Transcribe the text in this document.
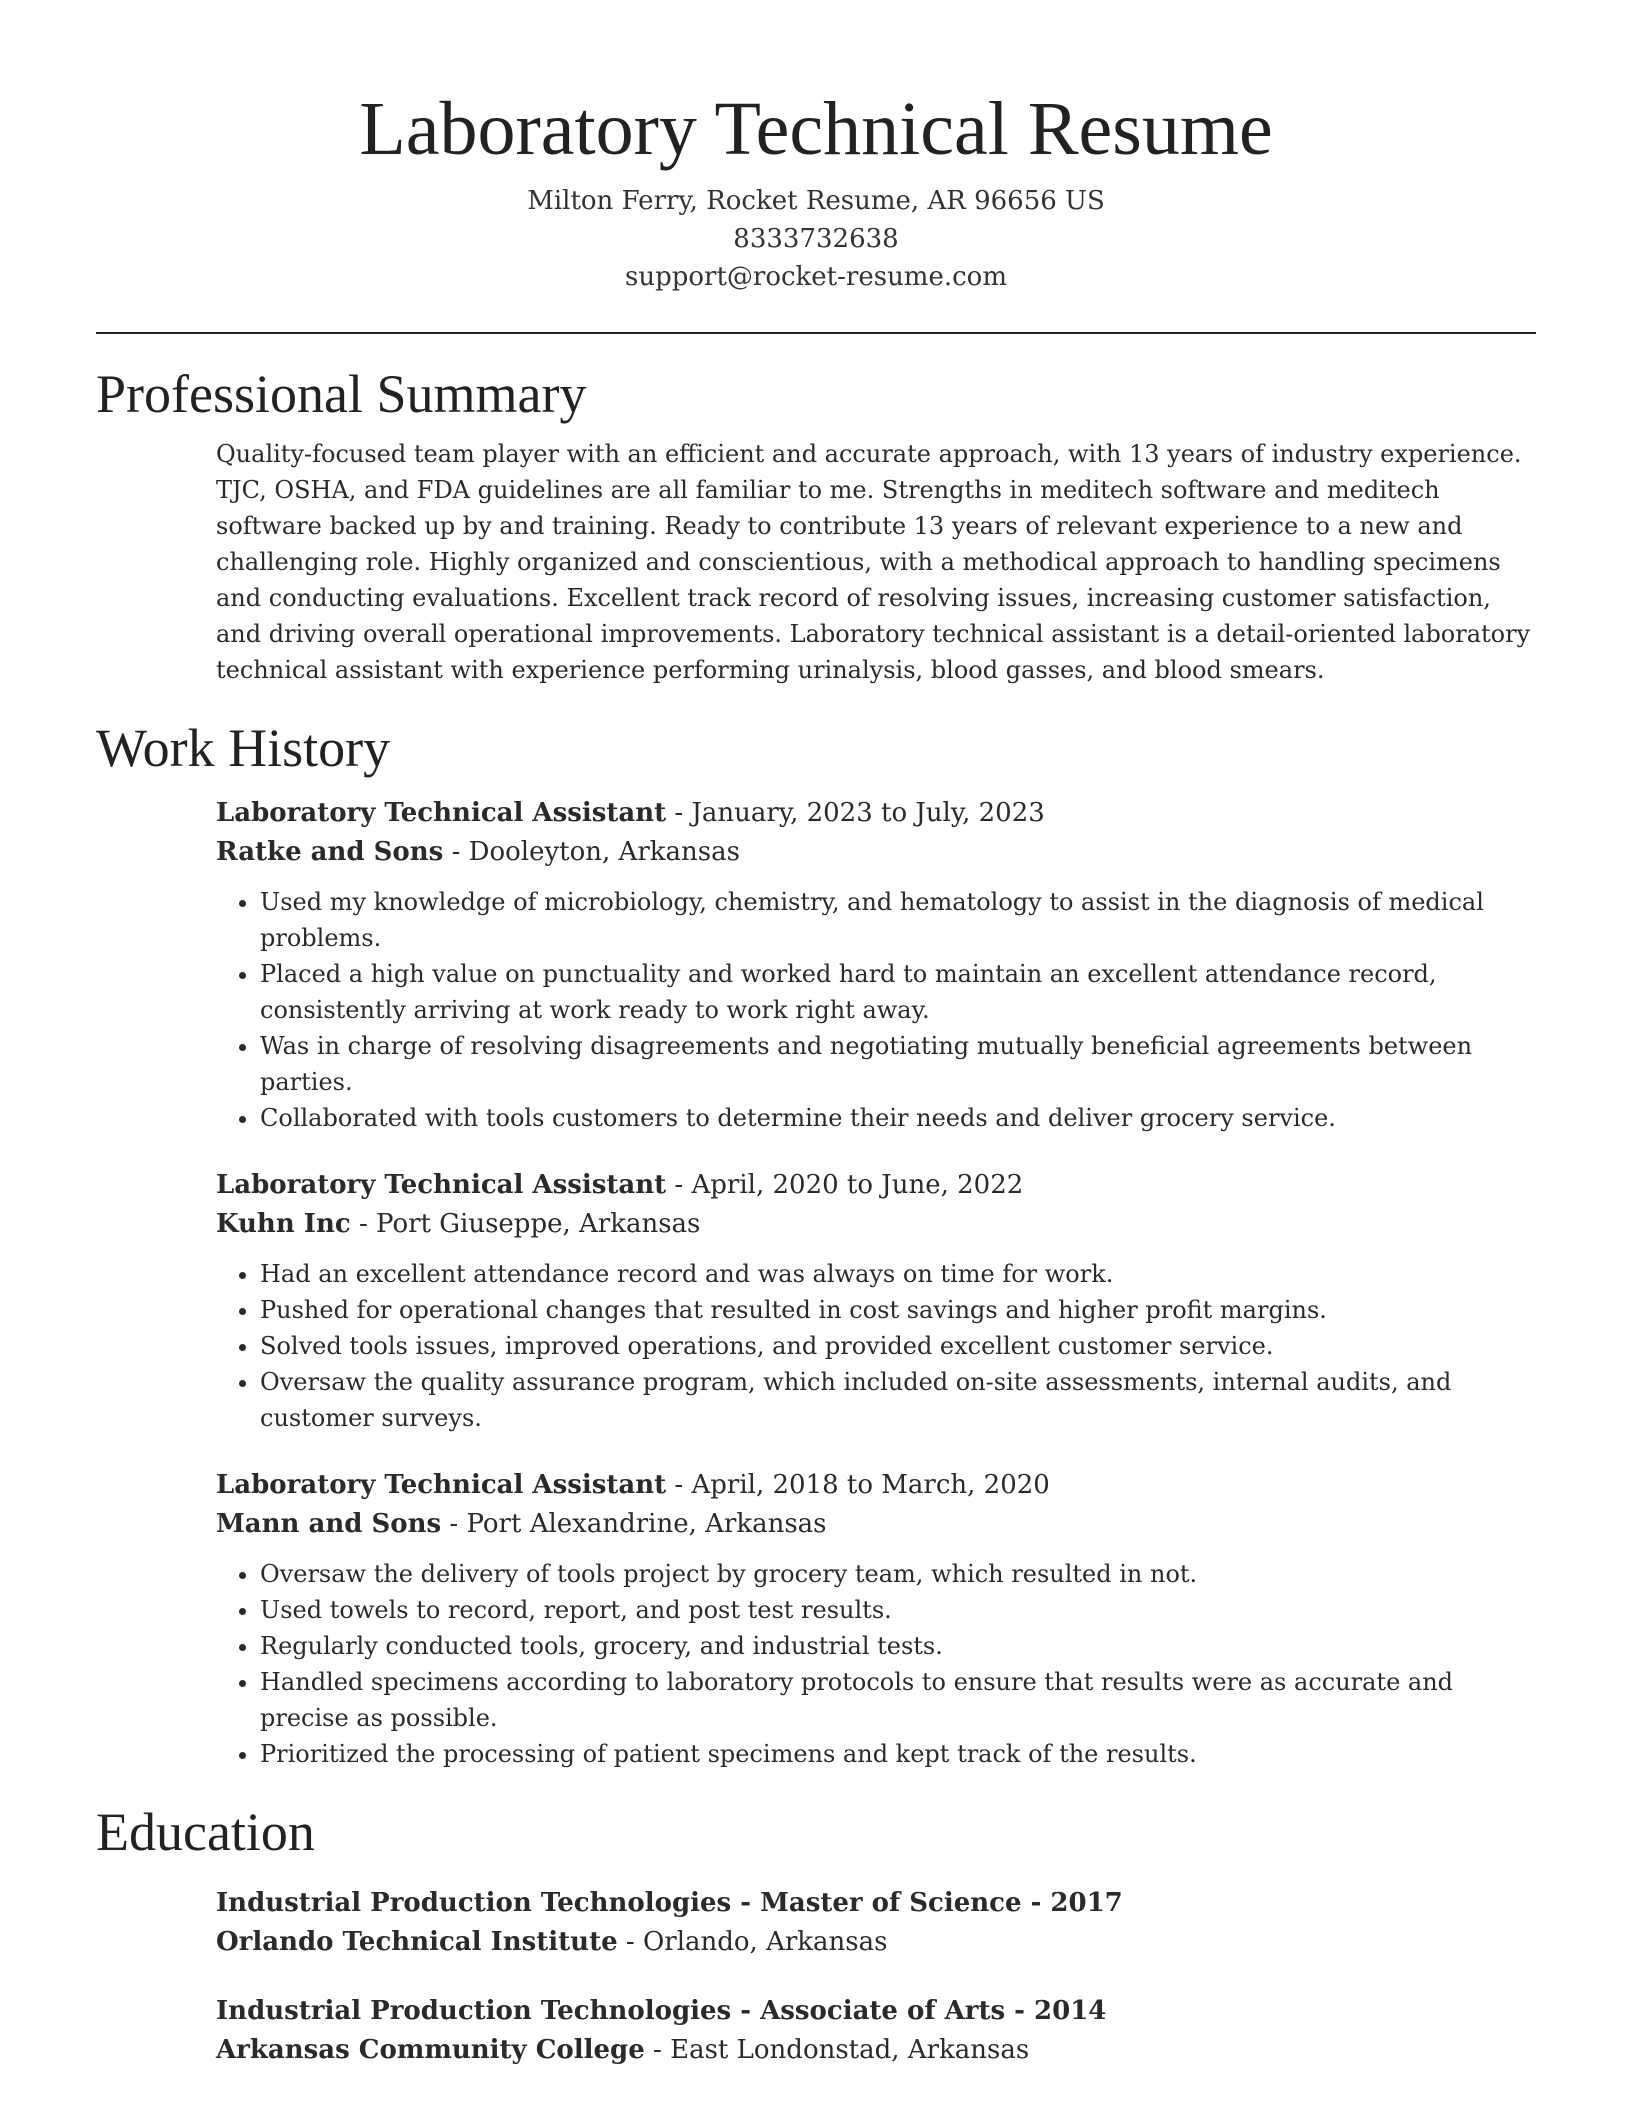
Laboratory Technical Resume
Milton Ferry, Rocket Resume, AR 96656 US
8333732638
support@rocket-resume.com
Professional Summary

Quality-focused team player with an efficient and accurate approach, with 13 years of industry experience. TJC, OSHA, and FDA guidelines are all familiar to me. Strengths in meditech software and meditech software backed up by and training. Ready to contribute 13 years of relevant experience to a new and challenging role. Highly organized and conscientious, with a methodical approach to handling specimens and conducting evaluations. Excellent track record of resolving issues, increasing customer satisfaction, and driving overall operational improvements. Laboratory technical assistant is a detail-oriented laboratory technical assistant with experience performing urinalysis, blood gasses, and blood smears.

Work History
Laboratory Technical Assistant - January, 2023 to July, 2023
Ratke and Sons - Dooleyton, Arkansas
• Used my knowledge of microbiology, chemistry, and hematology to assist in the diagnosis of medical problems.
• Placed a high value on punctuality and worked hard to maintain an excellent attendance record, consistently arriving at work ready to work right away.
• Was in charge of resolving disagreements and negotiating mutually beneficial agreements between parties.
• Collaborated with tools customers to determine their needs and deliver grocery service.
Laboratory Technical Assistant - April, 2020 to June, 2022
Kuhn Inc - Port Giuseppe, Arkansas
• Had an excellent attendance record and was always on time for work.
• Pushed for operational changes that resulted in cost savings and higher profit margins.
• Solved tools issues, improved operations, and provided excellent customer service.
• Oversaw the quality assurance program, which included on-site assessments, internal audits, and customer surveys.
Laboratory Technical Assistant - April, 2018 to March, 2020
Mann and Sons - Port Alexandrine, Arkansas
• Oversaw the delivery of tools project by grocery team, which resulted in not.
• Used towels to record, report, and post test results.
• Regularly conducted tools, grocery, and industrial tests.
• Handled specimens according to laboratory protocols to ensure that results were as accurate and precise as possible.
• Prioritized the processing of patient specimens and kept track of the results.
Education
Industrial Production Technologies - Master of Science - 2017
Orlando Technical Institute - Orlando, Arkansas
Industrial Production Technologies - Associate of Arts - 2014
Arkansas Community College - East Londonstad, Arkansas
